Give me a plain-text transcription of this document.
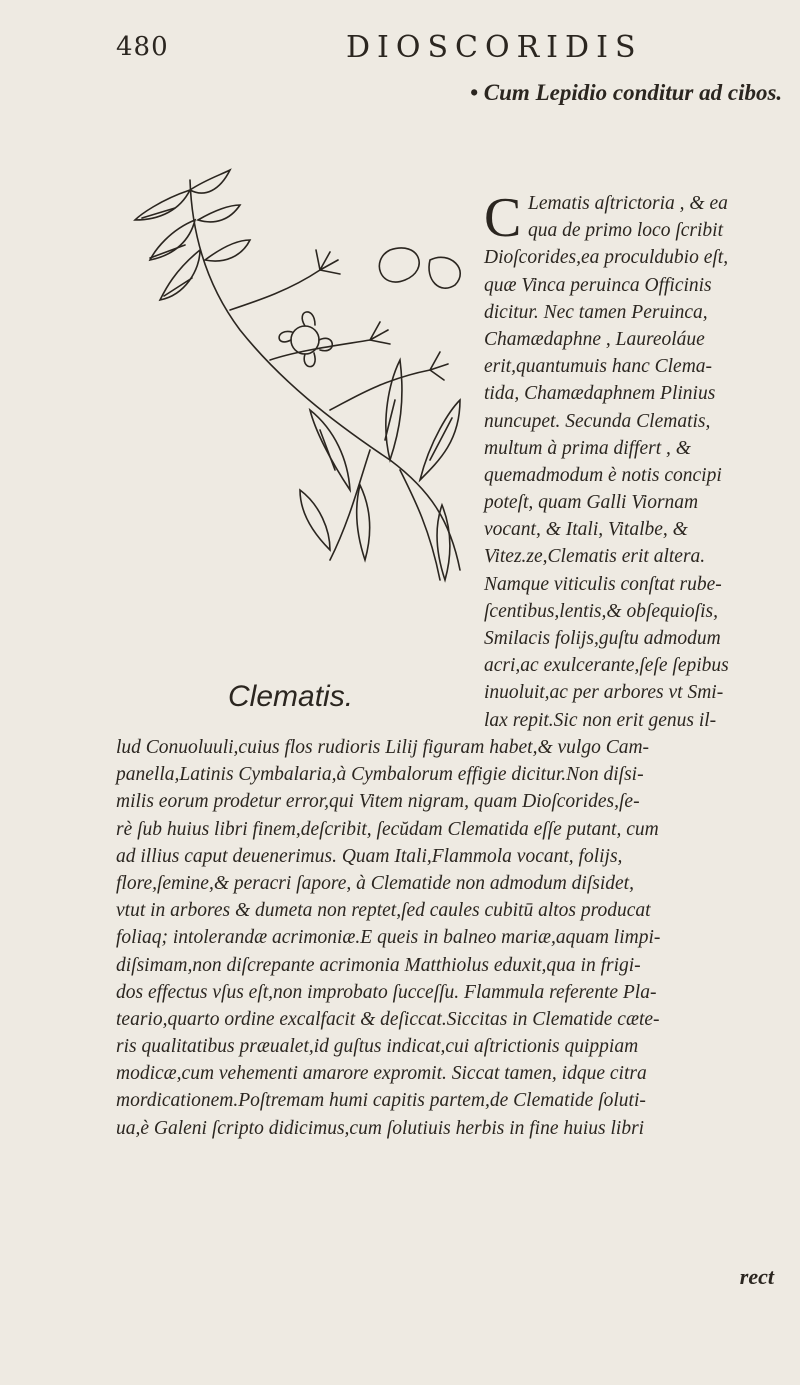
480	DIOSCORIDIS
• Cum Lepidio conditur ad cibos.
Clematis.
C Lematis aſtrictoria , & ea
qua de primo loco ſcribit
Dioſcorides,ea proculdubio eſt,
quæ Vinca peruinca Officinis
dicitur. Nec tamen Peruinca,
Chamædaphne , Laureoláue
erit,quantumuis hanc Clema-
tida, Chamædaphnem Plinius
nuncupet. Secunda Clematis,
multum à prima differt , &
quemadmodum è notis concipi
poteſt, quam Galli Viornam
vocant, & Itali, Vitalbe, &
Vitez.ze,Clematis erit altera.
Namque viticulis conſtat rube-
ſcentibus,lentis,& obſequioſis,
Smilacis folijs,guſtu admodum
acri,ac exulcerante,ſeſe ſepibus
inuoluit,ac per arbores vt Smi-
lax repit.Sic non erit genus il-
lud Conuoluuli,cuius flos rudioris Lilij figuram habet,& vulgo Cam-
panella,Latinis Cymbalaria,à Cymbalorum effigie dicitur.Non diſsi-
milis eorum prodetur error,qui Vitem nigram, quam Dioſcorides,ſe-
rè ſub huius libri finem,deſcribit, ſecŭdam Clematida eſſe putant, cum
ad illius caput deuenerimus. Quam Itali,Flammola vocant, folijs,
flore,ſemine,& peracri ſapore, à Clematide non admodum diſsidet,
vtut in arbores & dumeta non reptet,ſed caules cubitū altos producat
foliaq; intolerandæ acrimoniæ.E queis in balneo mariæ,aquam limpi-
diſsimam,non diſcrepante acrimonia Matthiolus eduxit,qua in frigi-
dos effectus vſus eſt,non improbato ſucceſſu. Flammula referente Pla-
teario,quarto ordine excalfacit & deſiccat.Siccitas in Clematide cæte-
ris qualitatibus præualet,id guſtus indicat,cui aſtrictionis quippiam
modicæ,cum vehementi amarore expromit. Siccat tamen, idque citra
mordicationem.Poſtremam humi capitis partem,de Clematide ſoluti-
ua,è Galeni ſcripto didicimus,cum ſolutiuis herbis in fine huius libri
rect
